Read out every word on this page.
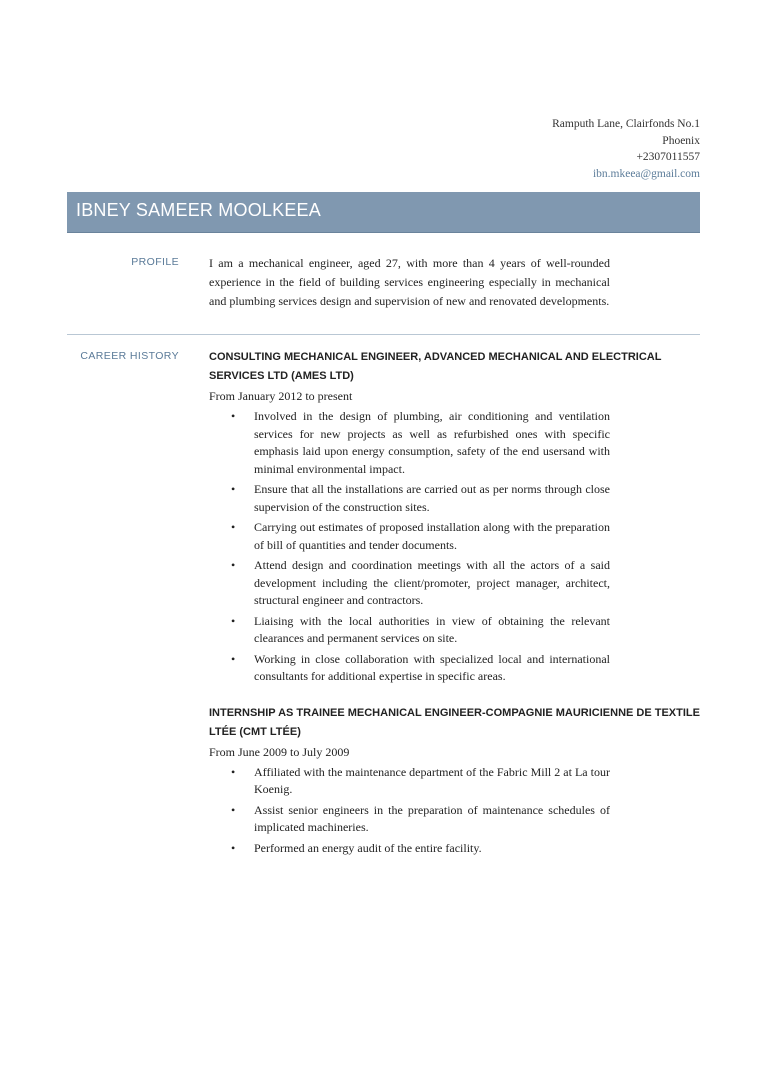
Ramputh Lane, Clairfonds No.1
Phoenix
+2307011557
ibn.mkeea@gmail.com
IBNEY SAMEER MOOLKEEA
PROFILE	I am a mechanical engineer, aged 27, with more than 4 years of well-rounded experience in the field of building services engineering especially in mechanical and plumbing services design and supervision of new and renovated developments.
CAREER HISTORY	CONSULTING MECHANICAL ENGINEER, ADVANCED MECHANICAL AND ELECTRICAL SERVICES LTD (AMES LTD)
From January 2012 to present
• Involved in the design of plumbing, air conditioning and ventilation services for new projects as well as refurbished ones with specific emphasis laid upon energy consumption, safety of the end usersand with minimal environmental impact.
• Ensure that all the installations are carried out as per norms through close supervision of the construction sites.
• Carrying out estimates of proposed installation along with the preparation of bill of quantities and tender documents.
• Attend design and coordination meetings with all the actors of a said development including the client/promoter, project manager, architect, structural engineer and contractors.
• Liaising with the local authorities in view of obtaining the relevant clearances and permanent services on site.
• Working in close collaboration with specialized local and international consultants for additional expertise in specific areas.
INTERNSHIP AS TRAINEE MECHANICAL ENGINEER-COMPAGNIE MAURICIENNE DE TEXTILE LTÉE (CMT LTÉE)
From June 2009 to July 2009
• Affiliated with the maintenance department of the Fabric Mill 2 at La tour Koenig.
• Assist senior engineers in the preparation of maintenance schedules of implicated machineries.
• Performed an energy audit of the entire facility.
